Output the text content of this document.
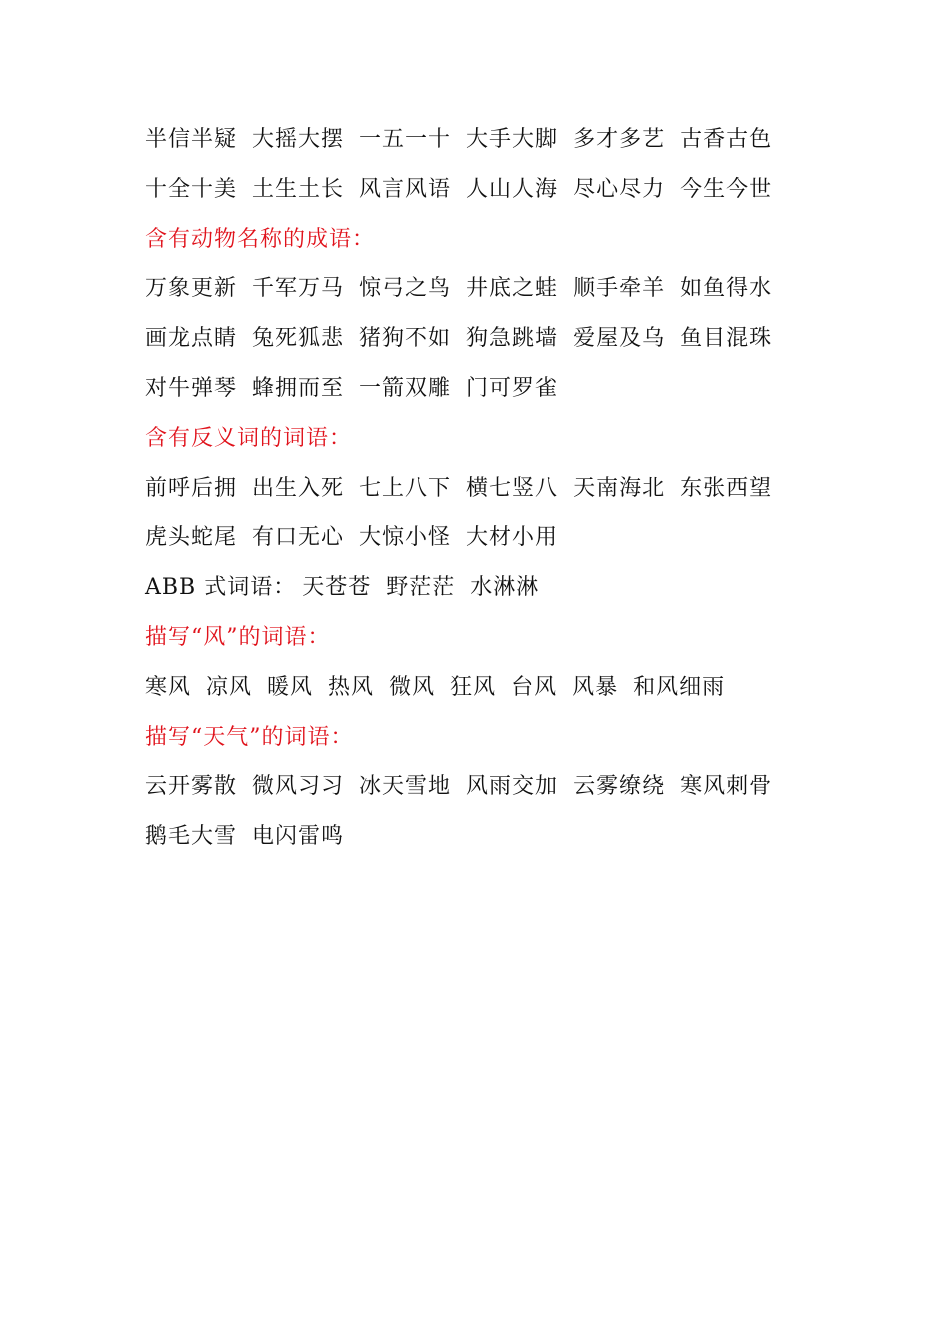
半信半疑 大摇大摆 一五一十 大手大脚 多才多艺 古香古色
十全十美 土生土长 风言风语 人山人海 尽心尽力 今生今世
含有动物名称的成语：
万象更新 千军万马 惊弓之鸟 井底之蛙 顺手牵羊 如鱼得水
画龙点睛 兔死狐悲 猪狗不如 狗急跳墙 爱屋及乌 鱼目混珠
对牛弹琴 蜂拥而至 一箭双雕 门可罗雀
含有反义词的词语：
前呼后拥 出生入死 七上八下 横七竖八 天南海北 东张西望
虎头蛇尾 有口无心 大惊小怪 大材小用
ABB 式词语： 天苍苍 野茫茫 水淋淋
描写“风”的词语：
寒风 凉风 暖风 热风 微风 狂风 台风 风暴 和风细雨
描写“天气”的词语：
云开雾散 微风习习 冰天雪地 风雨交加 云雾缭绕 寒风刺骨
鹅毛大雪 电闪雷鸣
